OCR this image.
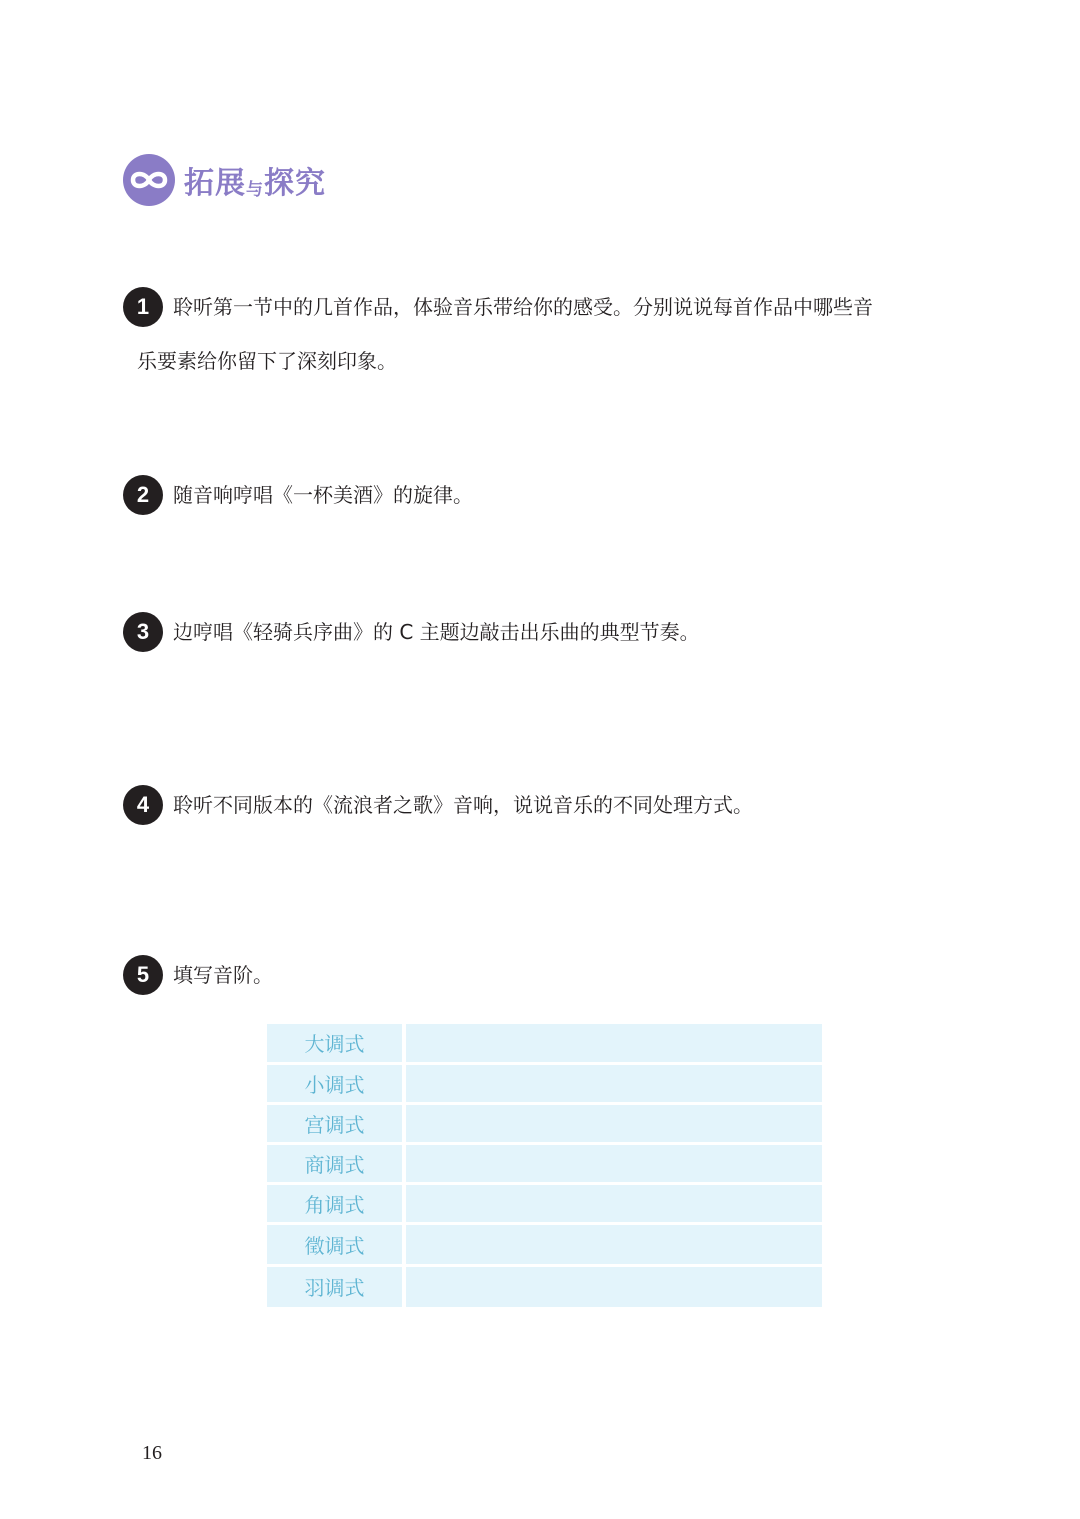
拓展与探究
1	聆听第一节中的几首作品，体验音乐带给你的感受。分别说说每首作品中哪些音
乐要素给你留下了深刻印象。
2	随音响哼唱《一杯美酒》的旋律。
3	边哼唱《轻骑兵序曲》的 C 主题边敲击出乐曲的典型节奏。
4	聆听不同版本的《流浪者之歌》音响，说说音乐的不同处理方式。
5	填写音阶。
大调式	
小调式	
宫调式	
商调式	
角调式	
徵调式	
羽调式	
16
